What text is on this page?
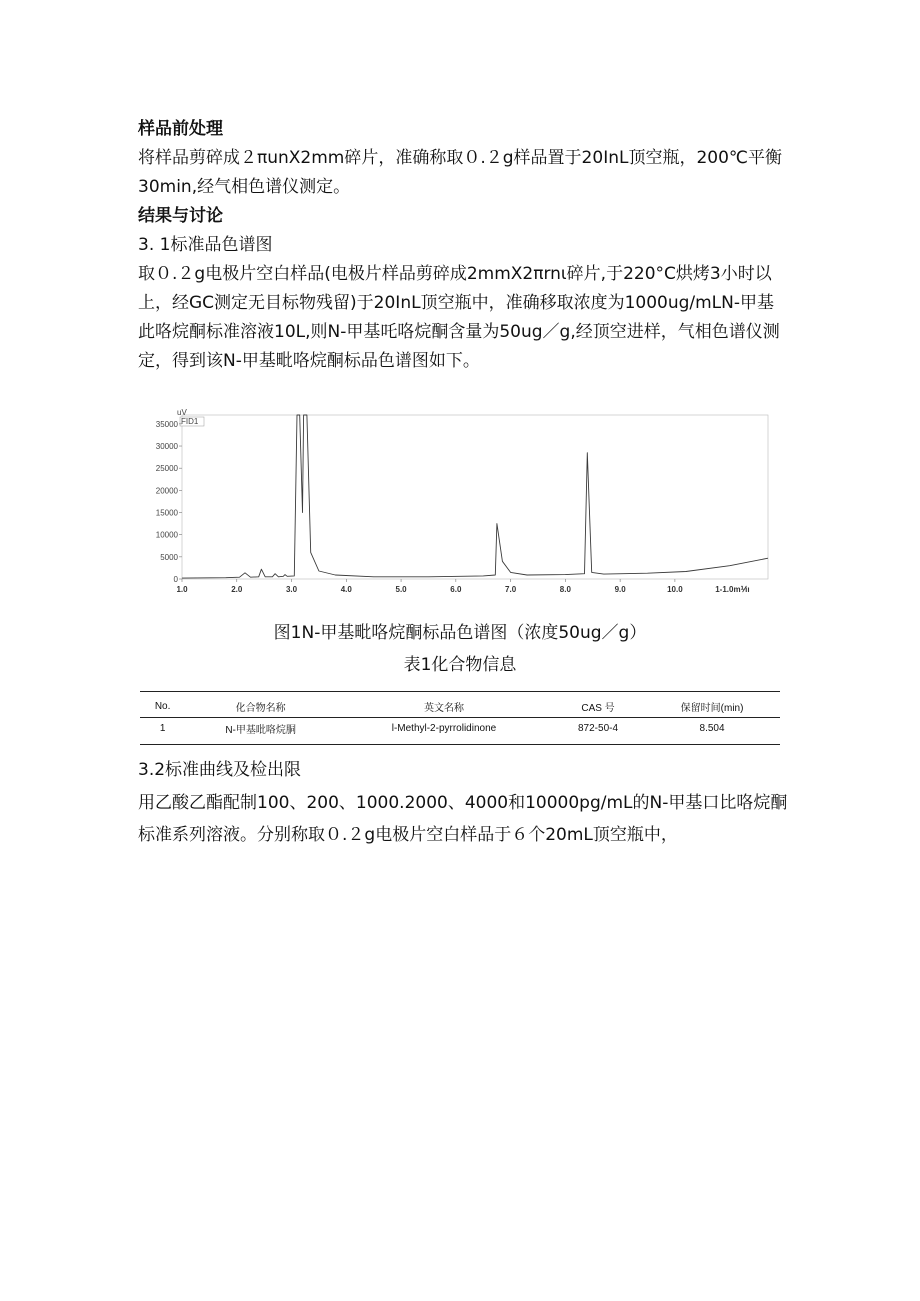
样品前处理

将样品剪碎成２πunX2mm碎片，准确称取０.２g样品置于20InL顶空瓶，200℃平衡30min,经气相色谱仪测定。

结果与讨论

3. 1标准品色谱图

取０.２g电极片空白样品(电极片样品剪碎成2mmX2πrnι碎片,于220°C烘烤3小时以上，经GC测定无目标物残留)于20InL顶空瓶中，准确移取浓度为1000ug/mLN-甲基此咯烷酮标准溶液10L,则N-甲基吒咯烷酮含量为50ug／g,经顶空进样，气相色谱仪测定，得到该N-甲基毗咯烷酮标品色谱图如下。

uV
FID1
0
5000
10000
15000
20000
25000
30000
35000
1.0	2.0	3.0	4.0	5.0	6.0	7.0	8.0	9.0	10.0	1-1.0m⅟ıı
图1N-甲基毗咯烷酮标品色谱图（浓度50ug／g）
表1化合物信息
No.	化合物名称	英文名称	CAS 号	保留时间(min)
1	N-甲基吡咯烷胴	l-Methyl-2-pyrrolidinone	872-50-4	8.504

3.2标准曲线及检出限

用乙酸乙酯配制100、200、1000.2000、4000和10000pg/mL的N-甲基口比咯烷酮标准系列溶液。分别称取０.２g电极片空白样品于６个20mL顶空瓶中，
